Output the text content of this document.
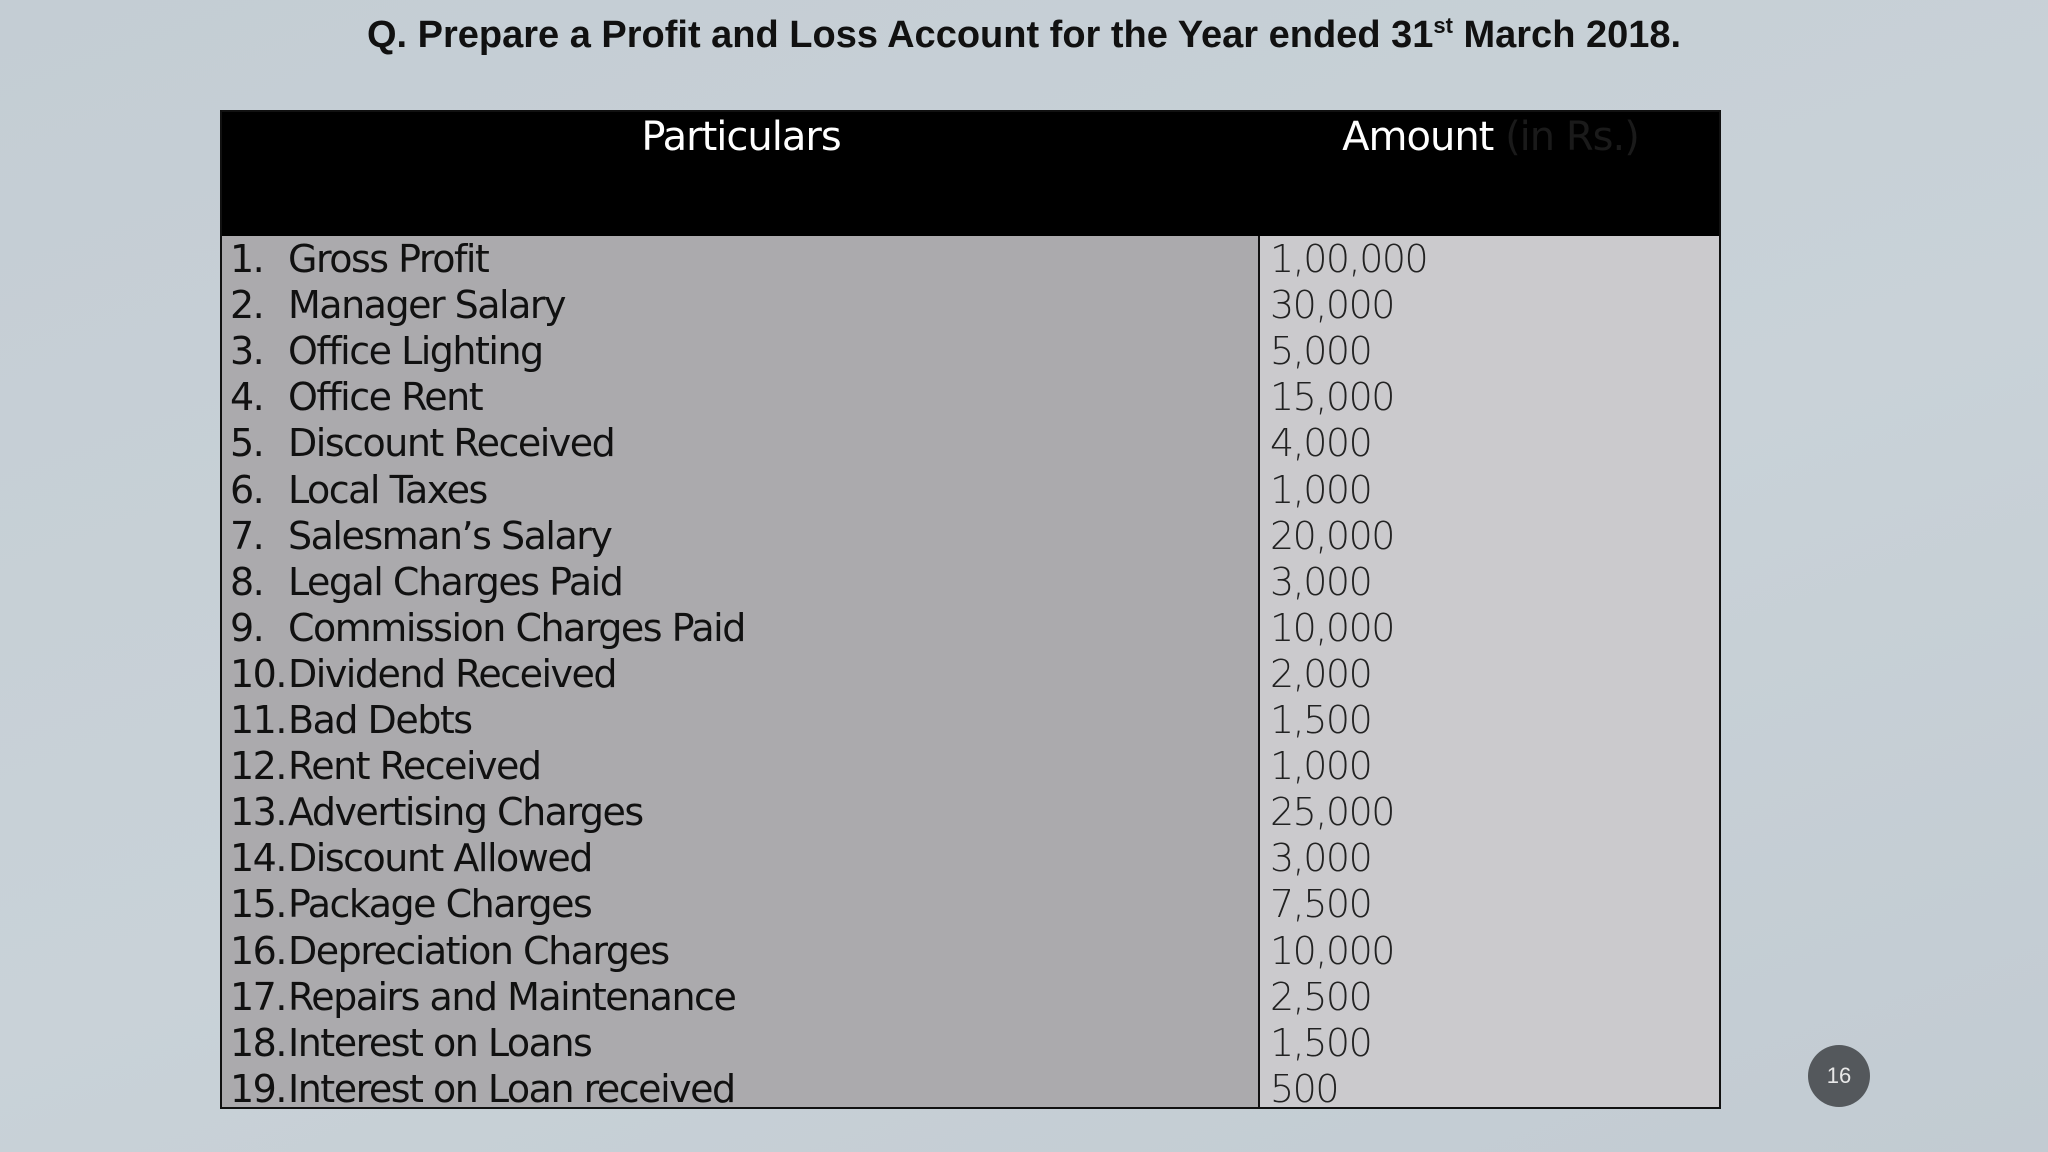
Q. Prepare a Profit and Loss Account for the Year ended 31st March 2018.
Particulars	Amount (in Rs.)
1. Gross Profit
2. Manager Salary
3. Office Lighting
4. Office Rent
5. Discount Received
6. Local Taxes
7. Salesman’s Salary
8. Legal Charges Paid
9. Commission Charges Paid
10. Dividend Received
11. Bad Debts
12. Rent Received
13. Advertising Charges
14. Discount Allowed
15. Package Charges
16. Depreciation Charges
17. Repairs and Maintenance
18. Interest on Loans
19. Interest on Loan received
1,00,000
30,000
5,000
15,000
4,000
1,000
20,000
3,000
10,000
2,000
1,500
1,000
25,000
3,000
7,500
10,000
2,500
1,500
500	16
